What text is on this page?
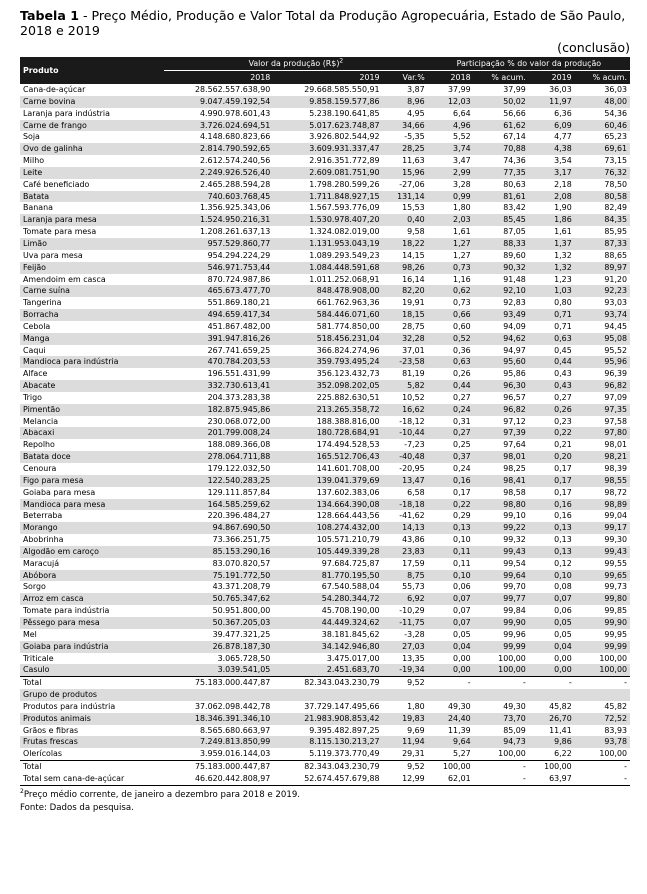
Tabela 1 - Preço Médio, Produção e Valor Total da Produção Agropecuária, Estado de São Paulo, 2018 e 2019

(conclusão)
Produto	Valor da produção (R$)$^2$			Participação % do valor da produção			
	2018	2019	Var.%	2018	% acum.	2019	% acum.
Cana-de-açúcar	28.562.557.638,90	29.668.585.550,91	3,87	37,99	37,99	36,03	36,03
Carne bovina	9.047.459.192,54	9.858.159.577,86	8,96	12,03	50,02	11,97	48,00
Laranja para indústria	4.990.978.601,43	5.238.190.641,85	4,95	6,64	56,66	6,36	54,36
Carne de frango	3.726.024.694,51	5.017.623.748,87	34,66	4,96	61,62	6,09	60,46
Soja	4.148.680.823,66	3.926.802.544,92	-5,35	5,52	67,14	4,77	65,23
Ovo de galinha	2.814.790.592,65	3.609.931.337,47	28,25	3,74	70,88	4,38	69,61
Milho	2.612.574.240,56	2.916.351.772,89	11,63	3,47	74,36	3,54	73,15
Leite	2.249.926.526,40	2.609.081.751,90	15,96	2,99	77,35	3,17	76,32
Café beneficiado	2.465.288.594,28	1.798.280.599,26	-27,06	3,28	80,63	2,18	78,50
Batata	740.603.768,45	1.711.848.927,15	131,14	0,99	81,61	2,08	80,58
Banana	1.356.925.343,06	1.567.593.776,09	15,53	1,80	83,42	1,90	82,49
Laranja para mesa	1.524.950.216,31	1.530.978.407,20	0,40	2,03	85,45	1,86	84,35
Tomate para mesa	1.208.261.637,13	1.324.082.019,00	9,58	1,61	87,05	1,61	85,95
Limão	957.529.860,77	1.131.953.043,19	18,22	1,27	88,33	1,37	87,33
Uva para mesa	954.294.224,29	1.089.293.549,23	14,15	1,27	89,60	1,32	88,65
Feijão	546.971.753,44	1.084.448.591,68	98,26	0,73	90,32	1,32	89,97
Amendoim em casca	870.724.987,86	1.011.252.068,91	16,14	1,16	91,48	1,23	91,20
Carne suína	465.673.477,70	848.478.908,00	82,20	0,62	92,10	1,03	92,23
Tangerina	551.869.180,21	661.762.963,36	19,91	0,73	92,83	0,80	93,03
Borracha	494.659.417,34	584.446.071,60	18,15	0,66	93,49	0,71	93,74
Cebola	451.867.482,00	581.774.850,00	28,75	0,60	94,09	0,71	94,45
Manga	391.947.816,26	518.456.231,04	32,28	0,52	94,62	0,63	95,08
Caqui	267.741.659,25	366.824.274,96	37,01	0,36	94,97	0,45	95,52
Mandioca para indústria	470.784.203,53	359.793.495,24	-23,58	0,63	95,60	0,44	95,96
Alface	196.551.431,99	356.123.432,73	81,19	0,26	95,86	0,43	96,39
Abacate	332.730.613,41	352.098.202,05	5,82	0,44	96,30	0,43	96,82
Trigo	204.373.283,38	225.882.630,51	10,52	0,27	96,57	0,27	97,09
Pimentão	182.875.945,86	213.265.358,72	16,62	0,24	96,82	0,26	97,35
Melancia	230.068.072,00	188.388.816,00	-18,12	0,31	97,12	0,23	97,58
Abacaxi	201.799.008,24	180.728.684,91	-10,44	0,27	97,39	0,22	97,80
Repolho	188.089.366,08	174.494.528,53	-7,23	0,25	97,64	0,21	98,01
Batata doce	278.064.711,88	165.512.706,43	-40,48	0,37	98,01	0,20	98,21
Cenoura	179.122.032,50	141.601.708,00	-20,95	0,24	98,25	0,17	98,39
Figo para mesa	122.540.283,25	139.041.379,69	13,47	0,16	98,41	0,17	98,55
Goiaba para mesa	129.111.857,84	137.602.383,06	6,58	0,17	98,58	0,17	98,72
Mandioca para mesa	164.585.259,62	134.664.390,08	-18,18	0,22	98,80	0,16	98,89
Beterraba	220.396.484,27	128.664.443,56	-41,62	0,29	99,10	0,16	99,04
Morango	94.867.690,50	108.274.432,00	14,13	0,13	99,22	0,13	99,17
Abobrinha	73.366.251,75	105.571.210,79	43,86	0,10	99,32	0,13	99,30
Algodão em caroço	85.153.290,16	105.449.339,28	23,83	0,11	99,43	0,13	99,43
Maracujá	83.070.820,57	97.684.725,87	17,59	0,11	99,54	0,12	99,55
Abóbora	75.191.772,50	81.770.195,50	8,75	0,10	99,64	0,10	99,65
Sorgo	43.371.208,79	67.540.588,04	55,73	0,06	99,70	0,08	99,73
Arroz em casca	50.765.347,62	54.280.344,72	6,92	0,07	99,77	0,07	99,80
Tomate para indústria	50.951.800,00	45.708.190,00	-10,29	0,07	99,84	0,06	99,85
Pêssego para mesa	50.367.205,03	44.449.324,62	-11,75	0,07	99,90	0,05	99,90
Mel	39.477.321,25	38.181.845,62	-3,28	0,05	99,96	0,05	99,95
Goiaba para indústria	26.878.187,30	34.142.946,80	27,03	0,04	99,99	0,04	99,99
Triticale	3.065.728,50	3.475.017,00	13,35	0,00	100,00	0,00	100,00
Casulo	3.039.541,05	2.451.683,70	-19,34	0,00	100,00	0,00	100,00
Total	75.183.000.447,87	82.343.043.230,79	9,52	-	-	-	-
Grupo de produtos							
Produtos para indústria	37.062.098.442,78	37.729.147.495,66	1,80	49,30	49,30	45,82	45,82
Produtos animais	18.346.391.346,10	21.983.908.853,42	19,83	24,40	73,70	26,70	72,52
Grãos e fibras	8.565.680.663,97	9.395.482.897,25	9,69	11,39	85,09	11,41	83,93
Frutas frescas	7.249.813.850,99	8.115.130.213,27	11,94	9,64	94,73	9,86	93,78
Olerícolas	3.959.016.144,03	5.119.373.770,49	29,31	5,27	100,00	6,22	100,00
Total	75.183.000.447,87	82.343.043.230,79	9,52	100,00	-	100,00	-
Total sem cana-de-açúcar	46.620.442.808,97	52.674.457.679,88	12,99	62,01	-	63,97	-
$^2$Preço médio corrente, de janeiro a dezembro para 2018 e 2019.
Fonte: Dados da pesquisa.
